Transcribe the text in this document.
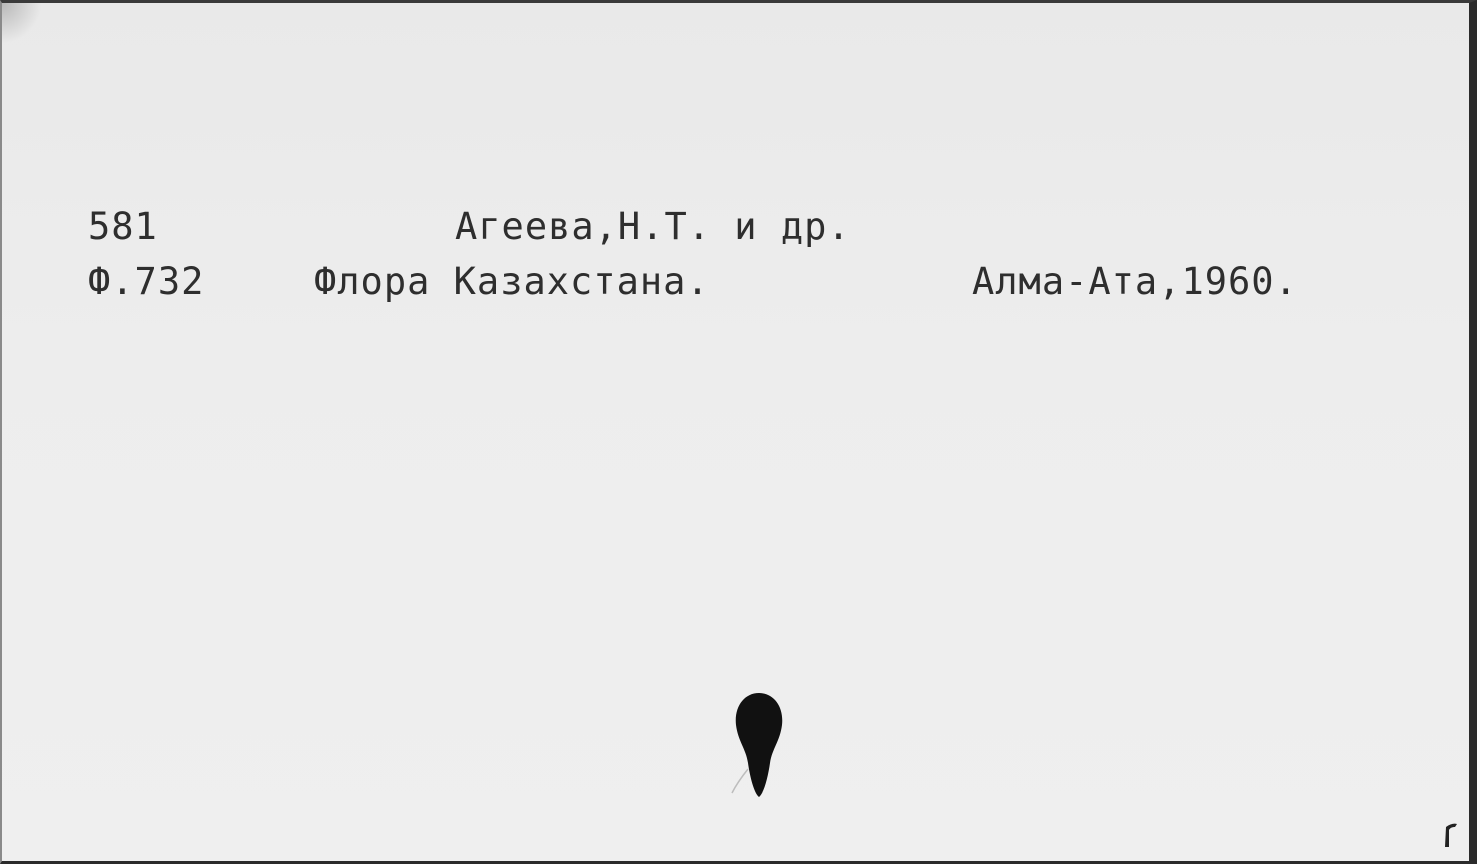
581
Ф.732
Агеева,Н.Т. и др.
Флора Казахстана.	Алма-Ата,1960.
